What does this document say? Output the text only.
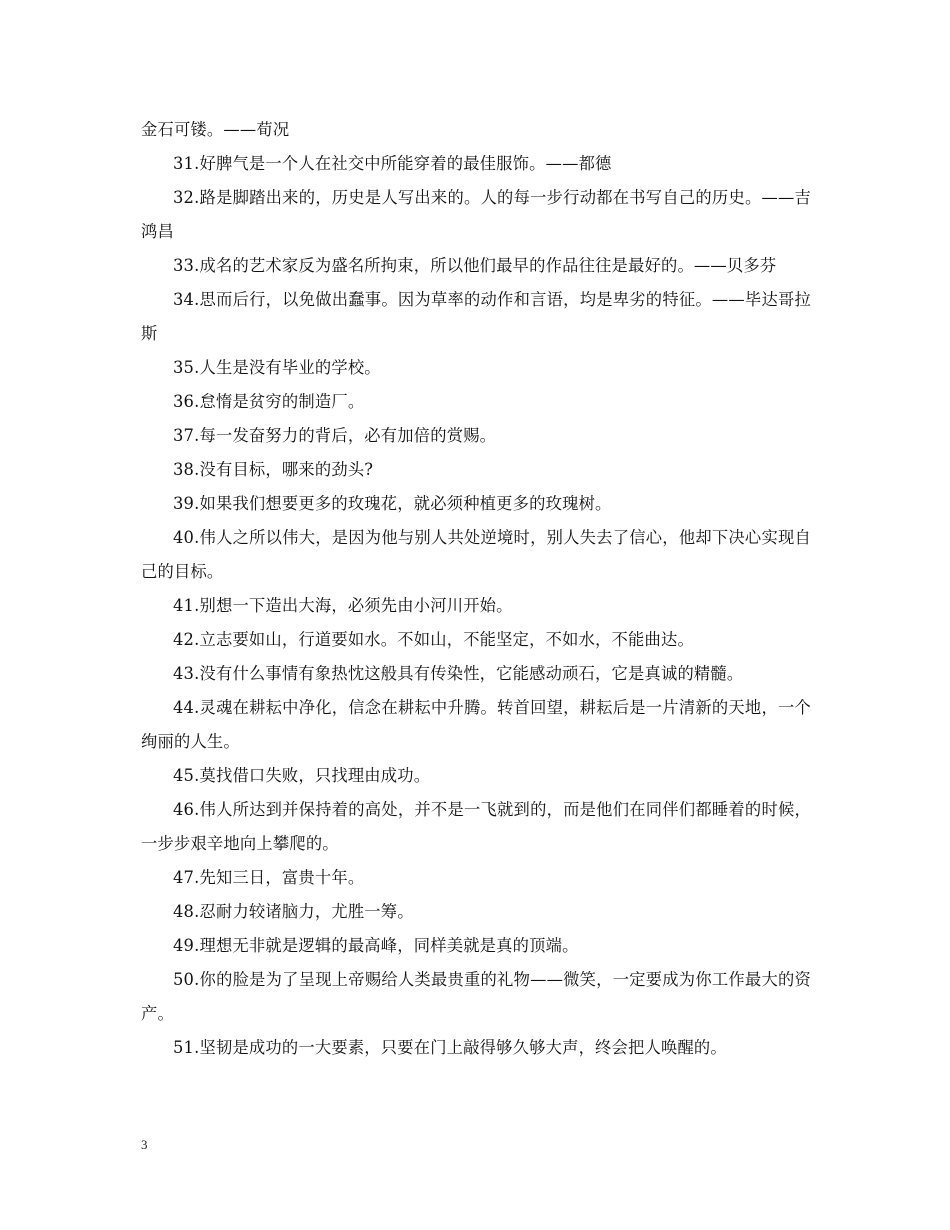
金石可镂。——荀况

31.好脾气是一个人在社交中所能穿着的最佳服饰。——都德

32.路是脚踏出来的，历史是人写出来的。人的每一步行动都在书写自己的历史。——吉鸿昌

33.成名的艺术家反为盛名所拘束，所以他们最早的作品往往是最好的。——贝多芬

34.思而后行，以免做出蠢事。因为草率的动作和言语，均是卑劣的特征。——毕达哥拉斯

35.人生是没有毕业的学校。

36.怠惰是贫穷的制造厂。

37.每一发奋努力的背后，必有加倍的赏赐。

38.没有目标，哪来的劲头?

39.如果我们想要更多的玫瑰花，就必须种植更多的玫瑰树。

40.伟人之所以伟大，是因为他与别人共处逆境时，别人失去了信心，他却下决心实现自己的目标。

41.别想一下造出大海，必须先由小河川开始。

42.立志要如山，行道要如水。不如山，不能坚定，不如水，不能曲达。

43.没有什么事情有象热忱这般具有传染性，它能感动顽石，它是真诚的精髓。

44.灵魂在耕耘中净化，信念在耕耘中升腾。转首回望，耕耘后是一片清新的天地，一个绚丽的人生。

45.莫找借口失败，只找理由成功。

46.伟人所达到并保持着的高处，并不是一飞就到的，而是他们在同伴们都睡着的时候，一步步艰辛地向上攀爬的。

47.先知三日，富贵十年。

48.忍耐力较诸脑力，尤胜一筹。

49.理想无非就是逻辑的最高峰，同样美就是真的顶端。

50.你的脸是为了呈现上帝赐给人类最贵重的礼物——微笑，一定要成为你工作最大的资产。

51.坚韧是成功的一大要素，只要在门上敲得够久够大声，终会把人唤醒的。

3
